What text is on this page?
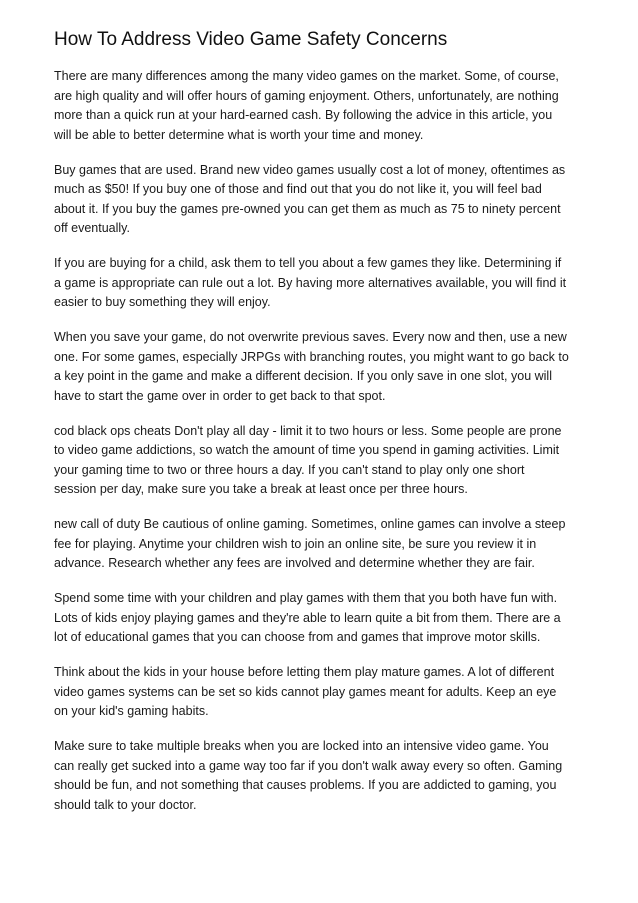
How To Address Video Game Safety Concerns

There are many differences among the many video games on the market. Some, of course,
are high quality and will offer hours of gaming enjoyment. Others, unfortunately, are nothing
more than a quick run at your hard-earned cash. By following the advice in this article, you
will be able to better determine what is worth your time and money.

Buy games that are used. Brand new video games usually cost a lot of money, oftentimes as
much as $50! If you buy one of those and find out that you do not like it, you will feel bad
about it. If you buy the games pre-owned you can get them as much as 75 to ninety percent
off eventually.

If you are buying for a child, ask them to tell you about a few games they like. Determining if
a game is appropriate can rule out a lot. By having more alternatives available, you will find it
easier to buy something they will enjoy.

When you save your game, do not overwrite previous saves. Every now and then, use a new
one. For some games, especially JRPGs with branching routes, you might want to go back to
a key point in the game and make a different decision. If you only save in one slot, you will
have to start the game over in order to get back to that spot.

cod black ops cheats Don't play all day - limit it to two hours or less. Some people are prone
to video game addictions, so watch the amount of time you spend in gaming activities. Limit
your gaming time to two or three hours a day. If you can't stand to play only one short
session per day, make sure you take a break at least once per three hours.

new call of duty Be cautious of online gaming. Sometimes, online games can involve a steep
fee for playing. Anytime your children wish to join an online site, be sure you review it in
advance. Research whether any fees are involved and determine whether they are fair.

Spend some time with your children and play games with them that you both have fun with.
Lots of kids enjoy playing games and they're able to learn quite a bit from them. There are a
lot of educational games that you can choose from and games that improve motor skills.

Think about the kids in your house before letting them play mature games. A lot of different
video games systems can be set so kids cannot play games meant for adults. Keep an eye
on your kid's gaming habits.

Make sure to take multiple breaks when you are locked into an intensive video game. You
can really get sucked into a game way too far if you don't walk away every so often. Gaming
should be fun, and not something that causes problems. If you are addicted to gaming, you
should talk to your doctor.
